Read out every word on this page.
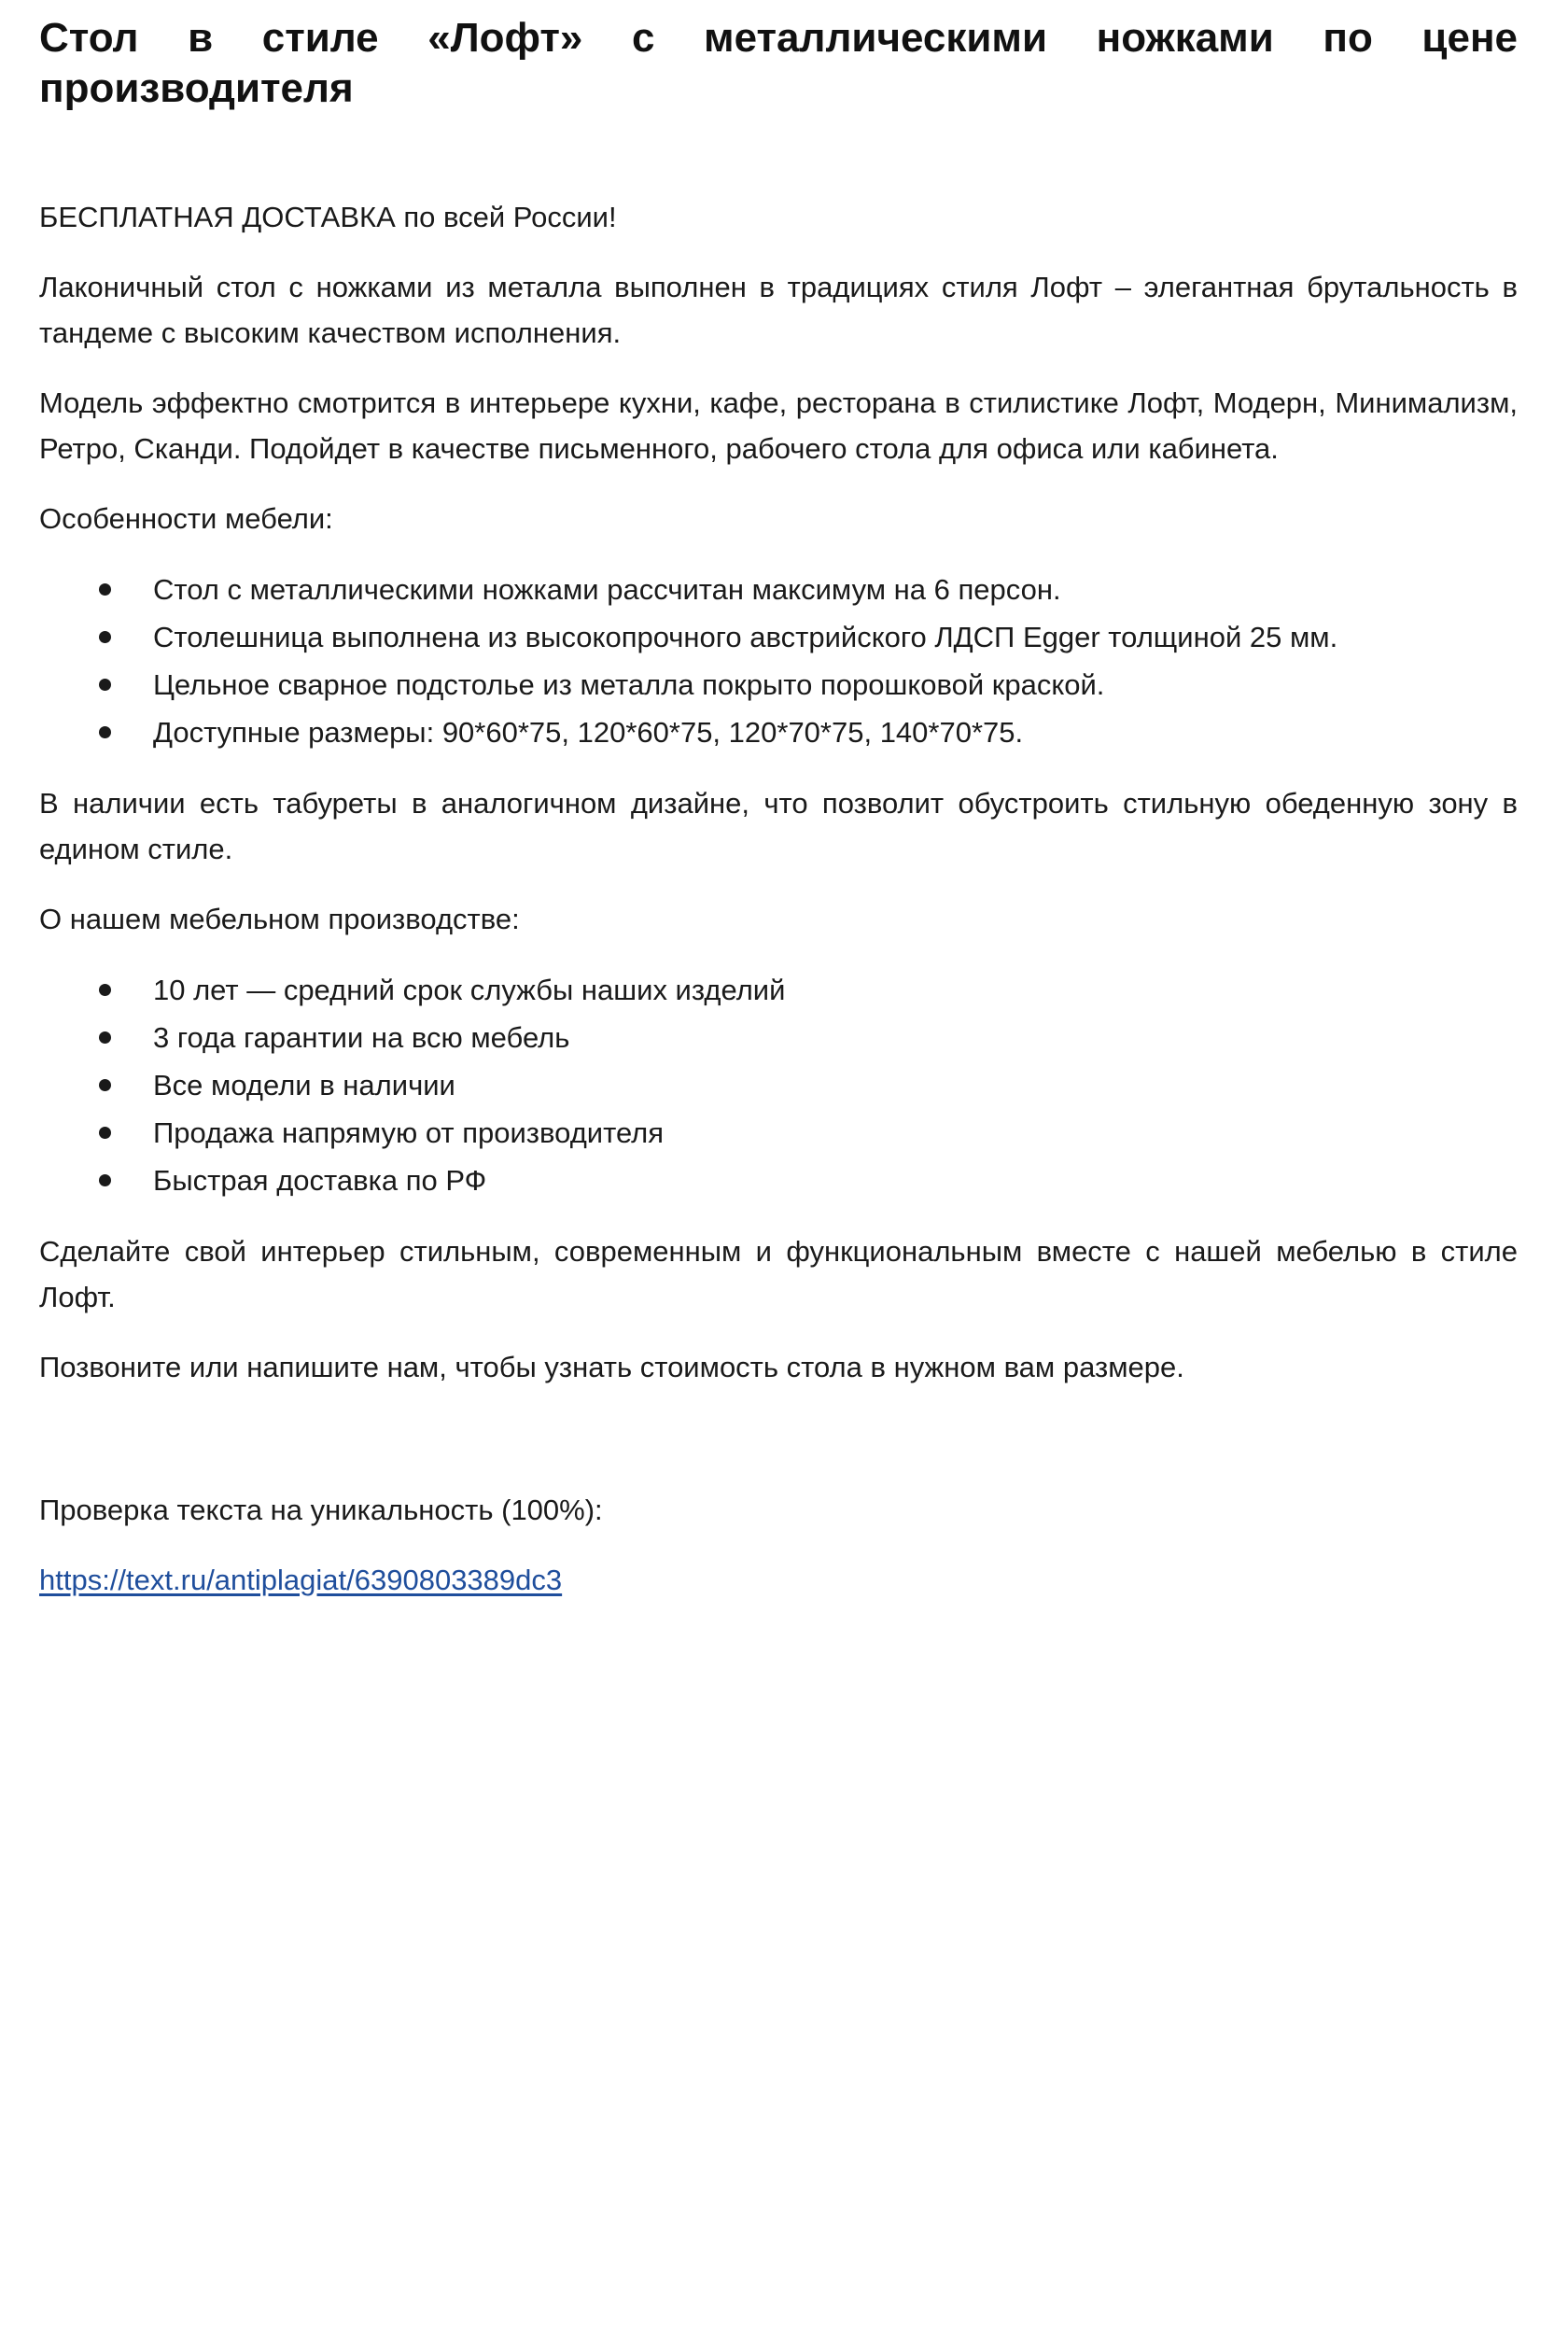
Стол в стиле «Лофт» с металлическими ножками по цене производителя

БЕСПЛАТНАЯ ДОСТАВКА по всей России!

Лаконичный стол с ножками из металла выполнен в традициях стиля Лофт – элегантная брутальность в тандеме с высоким качеством исполнения.

Модель эффектно смотрится в интерьере кухни, кафе, ресторана в стилистике Лофт, Модерн, Минимализм, Ретро, Сканди. Подойдет в качестве письменного, рабочего стола для офиса или кабинета.

Особенности мебели:

Стол с металлическими ножками рассчитан максимум на 6 персон.
Столешница выполнена из высокопрочного австрийского ЛДСП Egger толщиной 25 мм.
Цельное сварное подстолье из металла покрыто порошковой краской.
Доступные размеры: 90*60*75, 120*60*75, 120*70*75, 140*70*75.

В наличии есть табуреты в аналогичном дизайне, что позволит обустроить стильную обеденную зону в едином стиле.

О нашем мебельном производстве:

10 лет — средний срок службы наших изделий
3 года гарантии на всю мебель
Все модели в наличии
Продажа напрямую от производителя
Быстрая доставка по РФ

Сделайте свой интерьер стильным, современным и функциональным вместе с нашей мебелью в стиле Лофт.

Позвоните или напишите нам, чтобы узнать стоимость стола в нужном вам размере.

Проверка текста на уникальность (100%):

https://text.ru/antiplagiat/6390803389dc3
